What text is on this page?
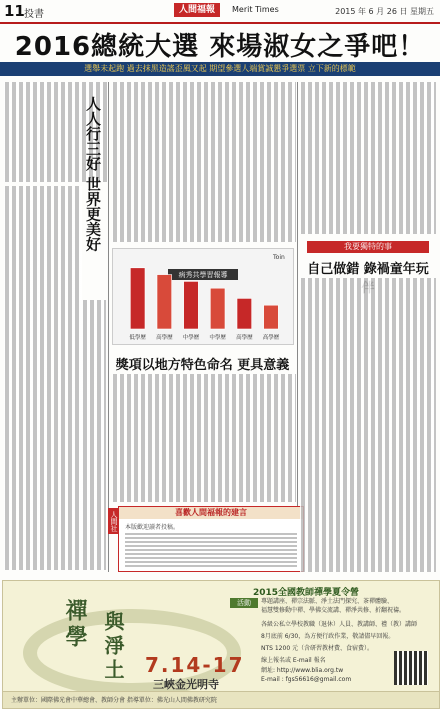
11 投書	人間福報	Merit Times	2015 年 6 月 26 日 星期五
2016總統大選 來場淑女之爭吧！
選舉未起跑 過去抹黑造謠歪風又起 期望參選人端賞誠懇爭選票 立下新的標範
人人行三好 世界更美好
病秀共學習報導
Toin
低學歷 高學歷 中學歷 中學歷 高學歷 高學歷
獎項以地方特色命名 更具意義
人間社	喜歡人間福報的建言
本版歡迎讀者投稿。
我要獨特的事
自己做錯 錄禍童年玩
禪學 與淨土
2015全國教師禪學夏令營
活動	專題講座、禪宗法脈、淨土法門探究、茶禪體驗、
福慧雙修動中禪、學佛交流講、禪淨共修、折翻祝禱。
各級公私立學校教職（退休）人員、教講師、禮（教）講師
8月底前 6/30，為方便行政作業，敬請儘早回報。
NTS 1200 元（含研習教材費、食宿費）。
線上報名或 E-mail 報名
網址: http://www.blia.org.tw
E-mail : fgs56616@gmail.com
7.14-17
三峽金光明寺
主辦單位：國際佛光會中華總會、教師分會 指導單位：佛光山人間佛教研究院
